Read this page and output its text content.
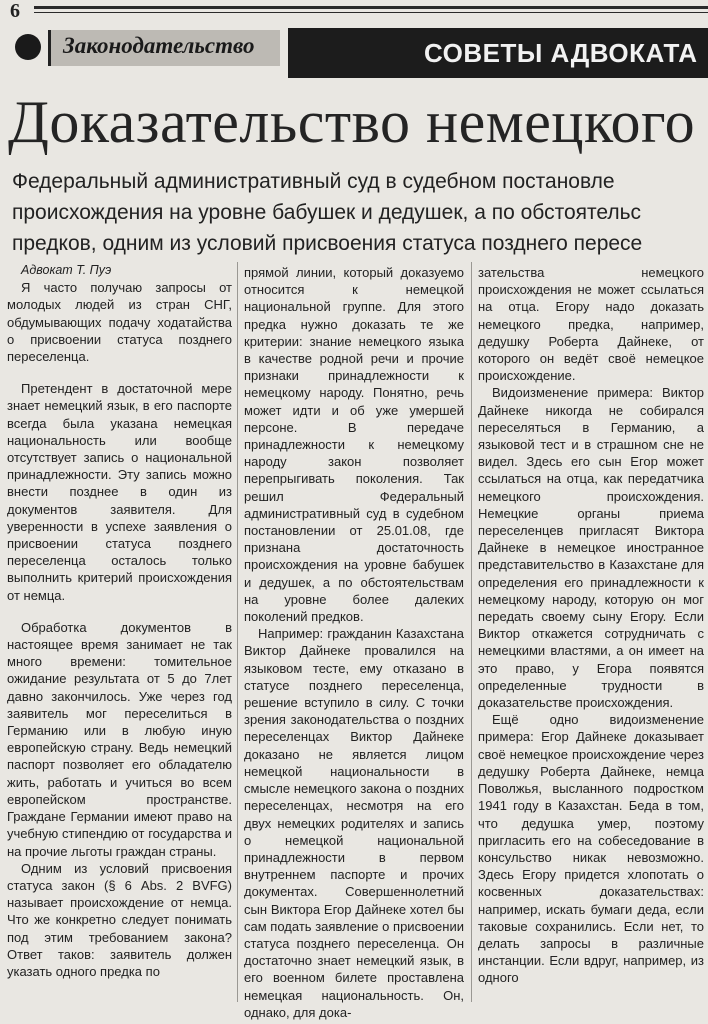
6
Законодательство	СОВЕТЫ АДВОКАТА
Доказательство немецкого
Федеральный административный суд в судебном постановле
происхождения на уровне бабушек и дедушек, а по обстоятельс
предков, одним из условий присвоения статуса позднего пересе

Адвокат Т. Пуэ

Я часто получаю запросы от молодых людей из стран СНГ, обдумывающих подачу ходатайства о присвоении статуса позднего переселенца.

Претендент в достаточной мере знает немецкий язык, в его паспорте всегда была указана немецкая национальность или вообще отсутствует запись о национальной принадлежности. Эту запись можно внести позднее в один из документов заявителя. Для уверенности в успехе заявления о присвоении статуса позднего переселенца осталось только выполнить критерий происхождения от немца.

Обработка документов в настоящее время занимает не так много времени: томительное ожидание результата от 5 до 7лет давно закончилось. Уже через год заявитель мог переселиться в Германию или в любую иную европейскую страну. Ведь немецкий паспорт позволяет его обладателю жить, работать и учиться во всем европейском пространстве. Граждане Германии имеют право на учебную стипендию от государства и на прочие льготы граждан страны.

Одним из условий присвоения статуса закон (§ 6 Abs. 2 BVFG) называет происхождение от немца. Что же конкретно следует понимать под этим требованием закона? Ответ таков: заявитель должен указать одного предка по

прямой линии, который доказуемо относится к немецкой национальной группе. Для этого предка нужно доказать те же критерии: знание немецкого языка в качестве родной речи и прочие признаки принадлежности к немецкому народу. Понятно, речь может идти и об уже умершей персоне. В передаче принадлежности к немецкому народу закон позволяет перепрыгивать поколения. Так решил Федеральный административный суд в судебном постановлении от 25.01.08, где признана достаточность происхождения на уровне бабушек и дедушек, а по обстоятельствам на уровне более далеких поколений предков.

Например: гражданин Казахстана Виктор Дайнеке провалился на языковом тесте, ему отказано в статусе позднего переселенца, решение вступило в силу. С точки зрения законодательства о поздних переселенцах Виктор Дайнеке доказано не является лицом немецкой национальности в смысле немецкого закона о поздних переселенцах, несмотря на его двух немецких родителях и запись о немецкой национальной принадлежности в первом внутреннем паспорте и прочих документах. Совершеннолетний сын Виктора Егор Дайнеке хотел бы сам подать заявление о присвоении статуса позднего переселенца. Он достаточно знает немецкий язык, в его военном билете проставлена немецкая национальность. Он, однако, для дока-

зательства немецкого происхождения не может ссылаться на отца. Егору надо доказать немецкого предка, например, дедушку Роберта Дайнеке, от которого он ведёт своё немецкое происхождение.

Видоизменение примера: Виктор Дайнеке никогда не собирался переселяться в Германию, а языковой тест и в страшном сне не видел. Здесь его сын Егор может ссылаться на отца, как передатчика немецкого происхождения. Немецкие органы приема переселенцев пригласят Виктора Дайнеке в немецкое иностранное представительство в Казахстане для определения его принадлежности к немецкому народу, которую он мог передать своему сыну Егору. Если Виктор откажется сотрудничать с немецкими властями, а он имеет на это право, у Егора появятся определенные трудности в доказательстве происхождения.

Ещё одно видоизменение примера: Егор Дайнеке доказывает своё немецкое происхождение через дедушку Роберта Дайнеке, немца Поволжья, высланного подростком 1941 году в Казахстан. Беда в том, что дедушка умер, поэтому пригласить его на собеседование в консульство никак невозможно. Здесь Егору придется хлопотать о косвенных доказательствах: например, искать бумаги деда, если таковые сохранились. Если нет, то делать запросы в различные инстанции. Если вдруг, например, из одного
